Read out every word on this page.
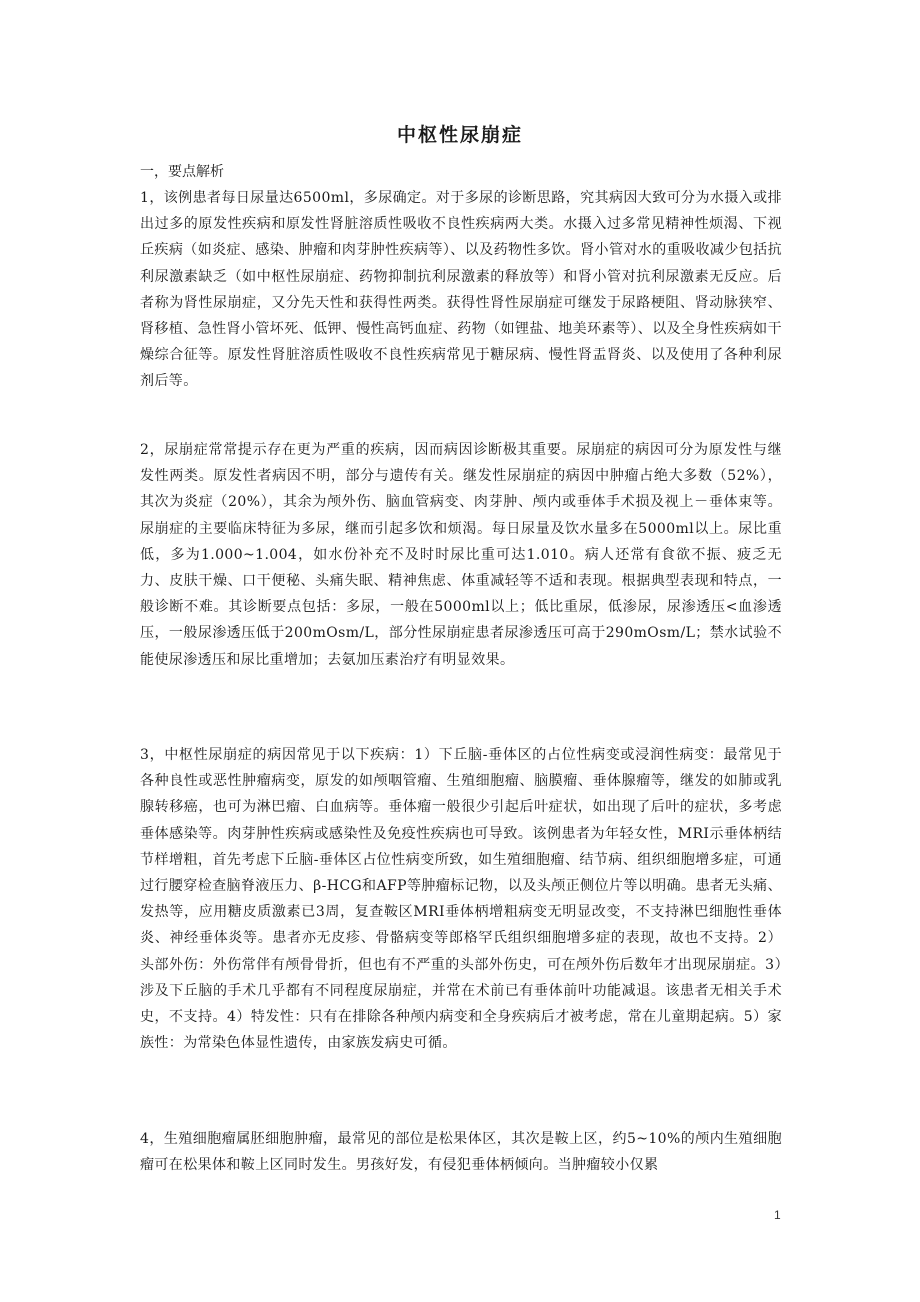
中枢性尿崩症

一，要点解析

1，该例患者每日尿量达6500ml，多尿确定。对于多尿的诊断思路，究其病因大致可分为水摄入或排出过多的原发性疾病和原发性肾脏溶质性吸收不良性疾病两大类。水摄入过多常见精神性烦渴、下视丘疾病（如炎症、感染、肿瘤和肉芽肿性疾病等）、以及药物性多饮。肾小管对水的重吸收减少包括抗利尿激素缺乏（如中枢性尿崩症、药物抑制抗利尿激素的释放等）和肾小管对抗利尿激素无反应。后者称为肾性尿崩症，又分先天性和获得性两类。获得性肾性尿崩症可继发于尿路梗阻、肾动脉狭窄、肾移植、急性肾小管坏死、低钾、慢性高钙血症、药物（如锂盐、地美环素等）、以及全身性疾病如干燥综合征等。原发性肾脏溶质性吸收不良性疾病常见于糖尿病、慢性肾盂肾炎、以及使用了各种利尿剂后等。

2，尿崩症常常提示存在更为严重的疾病，因而病因诊断极其重要。尿崩症的病因可分为原发性与继发性两类。原发性者病因不明，部分与遗传有关。继发性尿崩症的病因中肿瘤占绝大多数（52%），其次为炎症（20%），其余为颅外伤、脑血管病变、肉芽肿、颅内或垂体手术损及视上－垂体束等。尿崩症的主要临床特征为多尿，继而引起多饮和烦渴。每日尿量及饮水量多在5000ml以上。尿比重低，多为1.000~1.004，如水份补充不及时时尿比重可达1.010。病人还常有食欲不振、疲乏无力、皮肤干燥、口干便秘、头痛失眠、精神焦虑、体重减轻等不适和表现。根据典型表现和特点，一般诊断不难。其诊断要点包括：多尿，一般在5000ml以上；低比重尿，低渗尿，尿渗透压<血渗透压，一般尿渗透压低于200mOsm/L，部分性尿崩症患者尿渗透压可高于290mOsm/L；禁水试验不能使尿渗透压和尿比重增加；去氨加压素治疗有明显效果。

3，中枢性尿崩症的病因常见于以下疾病：1）下丘脑-垂体区的占位性病变或浸润性病变：最常见于各种良性或恶性肿瘤病变，原发的如颅咽管瘤、生殖细胞瘤、脑膜瘤、垂体腺瘤等，继发的如肺或乳腺转移癌，也可为淋巴瘤、白血病等。垂体瘤一般很少引起后叶症状，如出现了后叶的症状，多考虑垂体感染等。肉芽肿性疾病或感染性及免疫性疾病也可导致。该例患者为年轻女性，MRI示垂体柄结节样增粗，首先考虑下丘脑-垂体区占位性病变所致，如生殖细胞瘤、结节病、组织细胞增多症，可通过行腰穿检查脑脊液压力、β-HCG和AFP等肿瘤标记物，以及头颅正侧位片等以明确。患者无头痛、发热等，应用糖皮质激素已3周，复查鞍区MRI垂体柄增粗病变无明显改变，不支持淋巴细胞性垂体炎、神经垂体炎等。患者亦无皮疹、骨骼病变等郎格罕氏组织细胞增多症的表现，故也不支持。2）头部外伤：外伤常伴有颅骨骨折，但也有不严重的头部外伤史，可在颅外伤后数年才出现尿崩症。3）涉及下丘脑的手术几乎都有不同程度尿崩症，并常在术前已有垂体前叶功能减退。该患者无相关手术史，不支持。4）特发性：只有在排除各种颅内病变和全身疾病后才被考虑，常在儿童期起病。5）家族性：为常染色体显性遗传，由家族发病史可循。

4，生殖细胞瘤属胚细胞肿瘤，最常见的部位是松果体区，其次是鞍上区，约5~10%的颅内生殖细胞瘤可在松果体和鞍上区同时发生。男孩好发，有侵犯垂体柄倾向。当肿瘤较小仅累

1
